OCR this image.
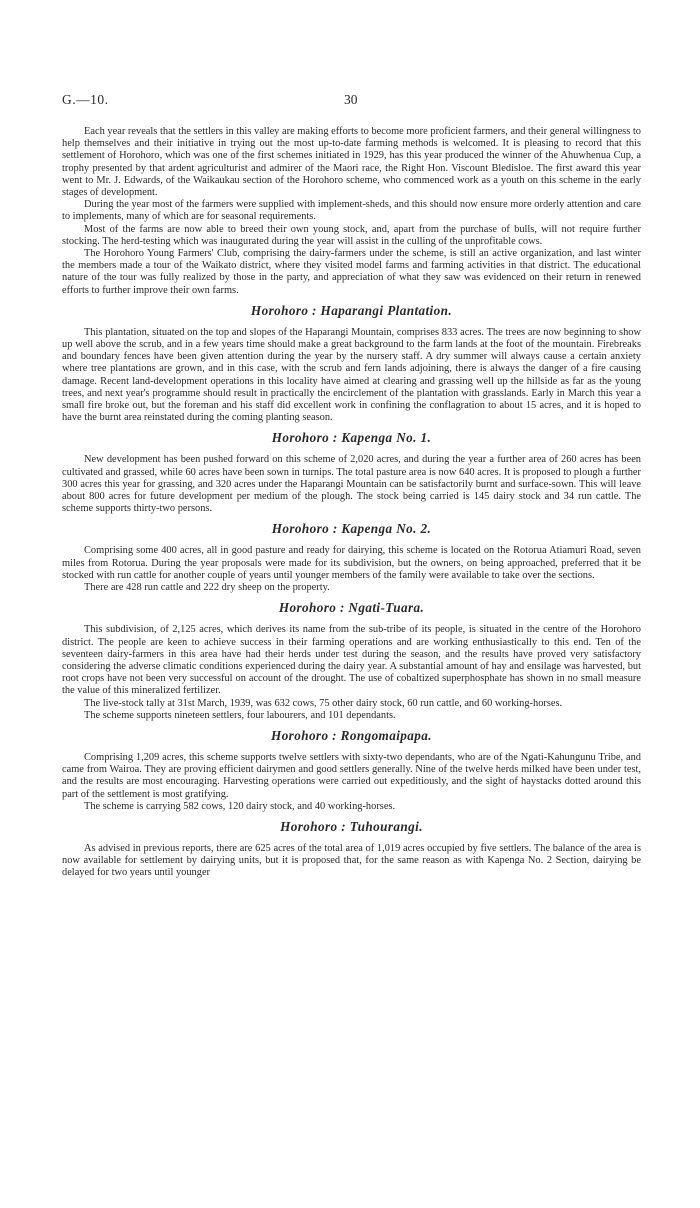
G.—10.	30

Each year reveals that the settlers in this valley are making efforts to become more proficient farmers, and their general willingness to help themselves and their initiative in trying out the most up-to-date farming methods is welcomed. It is pleasing to record that this settlement of Horohoro, which was one of the first schemes initiated in 1929, has this year produced the winner of the Ahuwhenua Cup, a trophy presented by that ardent agriculturist and admirer of the Maori race, the Right Hon. Viscount Bledisloe. The first award this year went to Mr. J. Edwards, of the Waikaukau section of the Horohoro scheme, who commenced work as a youth on this scheme in the early stages of development.

During the year most of the farmers were supplied with implement-sheds, and this should now ensure more orderly attention and care to implements, many of which are for seasonal requirements.

Most of the farms are now able to breed their own young stock, and, apart from the purchase of bulls, will not require further stocking. The herd-testing which was inaugurated during the year will assist in the culling of the unprofitable cows.

The Horohoro Young Farmers' Club, comprising the dairy-farmers under the scheme, is still an active organization, and last winter the members made a tour of the Waikato district, where they visited model farms and farming activities in that district. The educational nature of the tour was fully realized by those in the party, and appreciation of what they saw was evidenced on their return in renewed efforts to further improve their own farms.

Horohoro : Haparangi Plantation.

This plantation, situated on the top and slopes of the Haparangi Mountain, comprises 833 acres. The trees are now beginning to show up well above the scrub, and in a few years time should make a great background to the farm lands at the foot of the mountain. Firebreaks and boundary fences have been given attention during the year by the nursery staff. A dry summer will always cause a certain anxiety where tree plantations are grown, and in this case, with the scrub and fern lands adjoining, there is always the danger of a fire causing damage. Recent land-development operations in this locality have aimed at clearing and grassing well up the hillside as far as the young trees, and next year's programme should result in practically the encirclement of the plantation with grasslands. Early in March this year a small fire broke out, but the foreman and his staff did excellent work in confining the conflagration to about 15 acres, and it is hoped to have the burnt area reinstated during the coming planting season.

Horohoro : Kapenga No. 1.

New development has been pushed forward on this scheme of 2,020 acres, and during the year a further area of 260 acres has been cultivated and grassed, while 60 acres have been sown in turnips. The total pasture area is now 640 acres. It is proposed to plough a further 300 acres this year for grassing, and 320 acres under the Haparangi Mountain can be satisfactorily burnt and surface-sown. This will leave about 800 acres for future development per medium of the plough. The stock being carried is 145 dairy stock and 34 run cattle. The scheme supports thirty-two persons.

Horohoro : Kapenga No. 2.

Comprising some 400 acres, all in good pasture and ready for dairying, this scheme is located on the Rotorua Atiamuri Road, seven miles from Rotorua. During the year proposals were made for its subdivision, but the owners, on being approached, preferred that it be stocked with run cattle for another couple of years until younger members of the family were available to take over the sections.

There are 428 run cattle and 222 dry sheep on the property.

Horohoro : Ngati-Tuara.

This subdivision, of 2,125 acres, which derives its name from the sub-tribe of its people, is situated in the centre of the Horohoro district. The people are keen to achieve success in their farming operations and are working enthusiastically to this end. Ten of the seventeen dairy-farmers in this area have had their herds under test during the season, and the results have proved very satisfactory considering the adverse climatic conditions experienced during the dairy year. A substantial amount of hay and ensilage was harvested, but root crops have not been very successful on account of the drought. The use of cobaltized superphosphate has shown in no small measure the value of this mineralized fertilizer.

The live-stock tally at 31st March, 1939, was 632 cows, 75 other dairy stock, 60 run cattle, and 60 working-horses.

The scheme supports nineteen settlers, four labourers, and 101 dependants.

Horohoro : Rongomaipapa.

Comprising 1,209 acres, this scheme supports twelve settlers with sixty-two dependants, who are of the Ngati-Kahungunu Tribe, and came from Wairoa. They are proving efficient dairymen and good settlers generally. Nine of the twelve herds milked have been under test, and the results are most encouraging. Harvesting operations were carried out expeditiously, and the sight of haystacks dotted around this part of the settlement is most gratifying.

The scheme is carrying 582 cows, 120 dairy stock, and 40 working-horses.

Horohoro : Tuhourangi.

As advised in previous reports, there are 625 acres of the total area of 1,019 acres occupied by five settlers. The balance of the area is now available for settlement by dairying units, but it is proposed that, for the same reason as with Kapenga No. 2 Section, dairying be delayed for two years until younger
